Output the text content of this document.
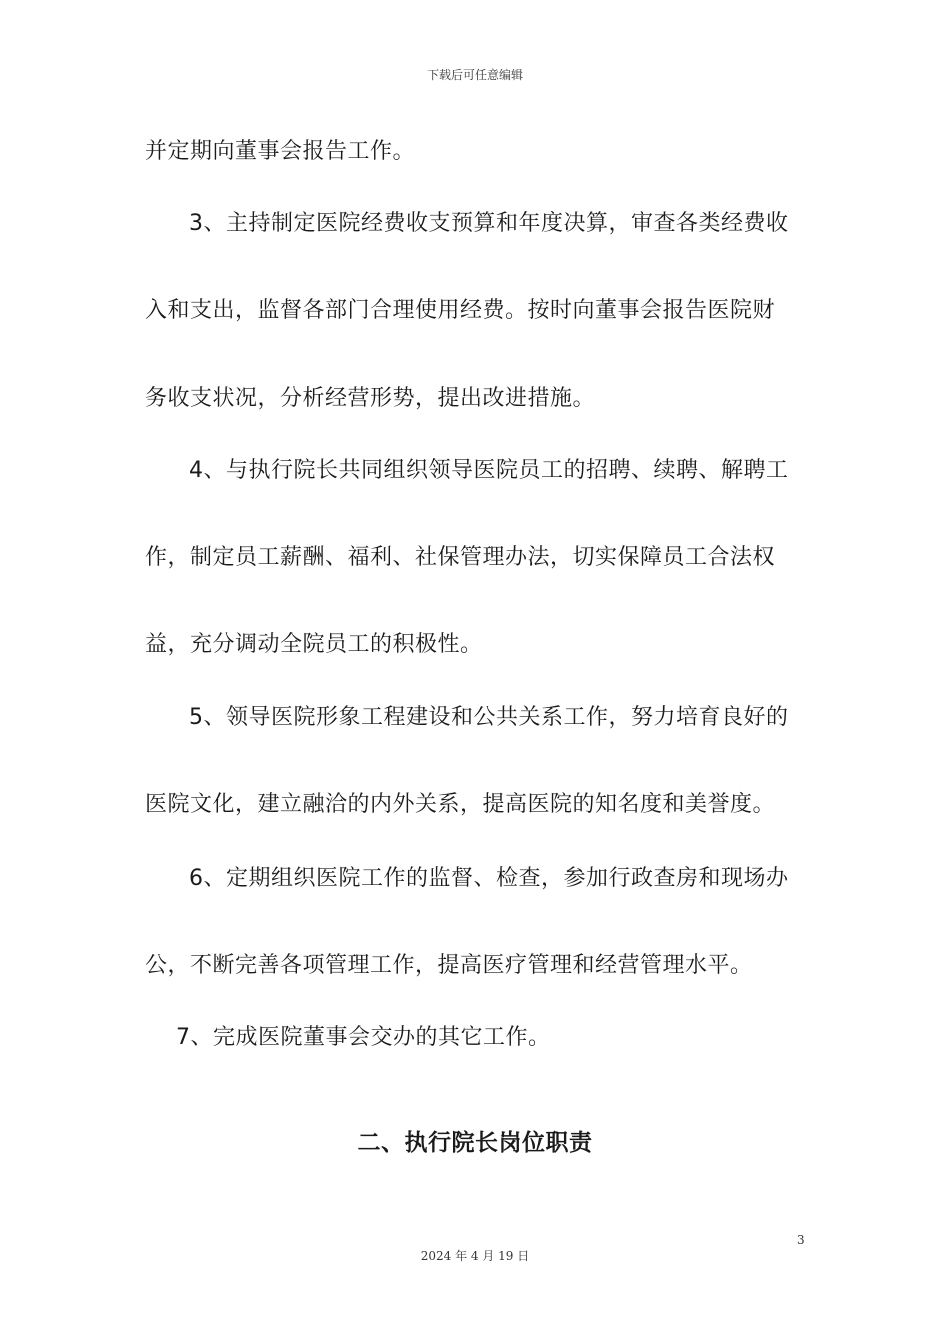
下载后可任意编辑
并定期向董事会报告工作。
3、主持制定医院经费收支预算和年度决算，审查各类经费收
入和支出，监督各部门合理使用经费。按时向董事会报告医院财
务收支状况，分析经营形势，提出改进措施。
4、与执行院长共同组织领导医院员工的招聘、续聘、解聘工
作，制定员工薪酬、福利、社保管理办法，切实保障员工合法权
益，充分调动全院员工的积极性。
5、领导医院形象工程建设和公共关系工作，努力培育良好的
医院文化，建立融洽的内外关系，提高医院的知名度和美誉度。
6、定期组织医院工作的监督、检查，参加行政查房和现场办
公，不断完善各项管理工作，提高医疗管理和经营管理水平。
7、完成医院董事会交办的其它工作。
二、执行院长岗位职责
3
2024 年 4 月 19 日
